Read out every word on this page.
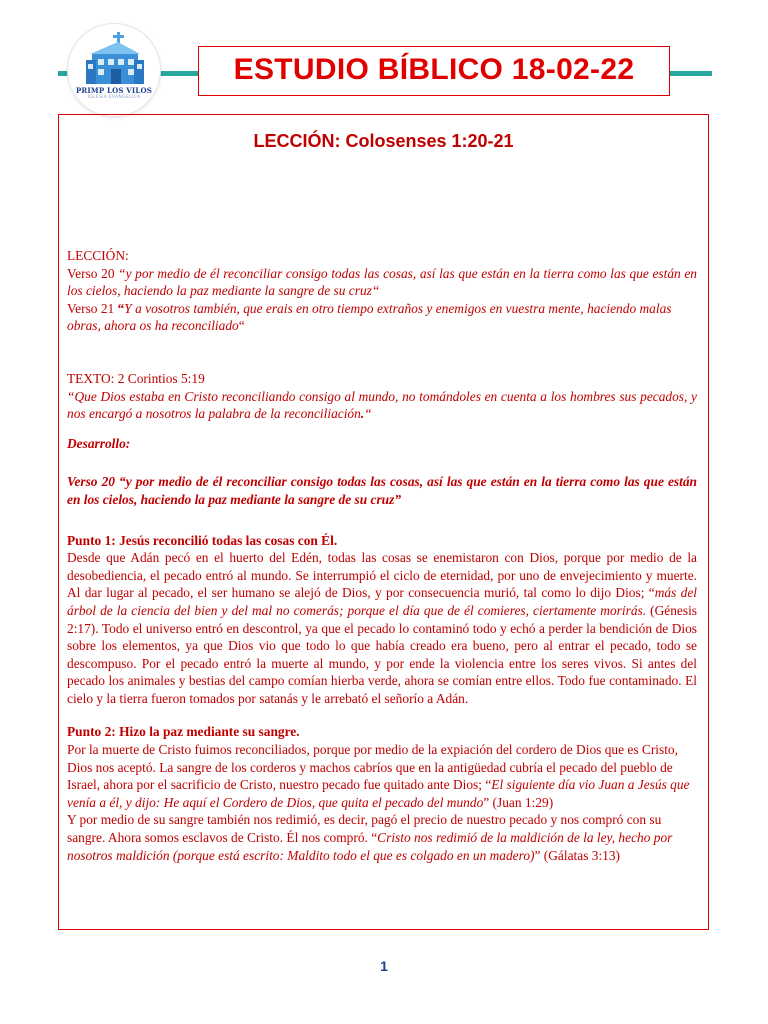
PRIMP LOS VILOS
IGLESIA EVANGELICA
ESTUDIO BÍBLICO 18-02-22
LECCIÓN: Colosenses 1:20-21

LECCIÓN:

Verso 20 “y por medio de él reconciliar consigo todas las cosas, así las que están en la tierra como las que están en los cielos, haciendo la paz mediante la sangre de su cruz“

Verso 21 “Y a vosotros también, que erais en otro tiempo extraños y enemigos en vuestra mente, haciendo malas obras, ahora os ha reconciliado“

TEXTO: 2 Corintios 5:19

“Que Dios estaba en Cristo reconciliando consigo al mundo, no tomándoles en cuenta a los hombres sus pecados, y nos encargó a nosotros la palabra de la reconciliación.“

Desarrollo:

Verso 20 “y por medio de él reconciliar consigo todas las cosas, así las que están en la tierra como las que están en los cielos, haciendo la paz mediante la sangre de su cruz”

Punto 1: Jesús reconcilió todas las cosas con Él.

Desde que Adán pecó en el huerto del Edén, todas las cosas se enemistaron con Dios, porque por medio de la desobediencia, el pecado entró al mundo. Se interrumpió el ciclo de eternidad, por uno de envejecimiento y muerte. Al dar lugar al pecado, el ser humano se alejó de Dios, y por consecuencia murió, tal como lo dijo Dios; “más del árbol de la ciencia del bien y del mal no comerás; porque el día que de él comieres, ciertamente morirás. (Génesis 2:17). Todo el universo entró en descontrol, ya que el pecado lo contaminó todo y echó a perder la bendición de Dios sobre los elementos, ya que Dios vio que todo lo que había creado era bueno, pero al entrar el pecado, todo se descompuso. Por el pecado entró la muerte al mundo, y por ende la violencia entre los seres vivos. Si antes del pecado los animales y bestias del campo comían hierba verde, ahora se comían entre ellos. Todo fue contaminado. El cielo y la tierra fueron tomados por satanás y le arrebató el señorío a Adán.

Punto 2: Hizo la paz mediante su sangre.

Por la muerte de Cristo fuimos reconciliados, porque por medio de la expiación del cordero de Dios que es Cristo, Dios nos aceptó. La sangre de los corderos y machos cabríos que en la antigüedad cubría el pecado del pueblo de Israel, ahora por el sacrificio de Cristo, nuestro pecado fue quitado ante Dios; “El siguiente día vio Juan a Jesús que venía a él, y dijo: He aquí el Cordero de Dios, que quita el pecado del mundo” (Juan 1:29)

Y por medio de su sangre también nos redimió, es decir, pagó el precio de nuestro pecado y nos compró con su sangre. Ahora somos esclavos de Cristo. Él nos compró. “Cristo nos redimió de la maldición de la ley, hecho por nosotros maldición (porque está escrito: Maldito todo el que es colgado en un madero)” (Gálatas 3:13)

1
